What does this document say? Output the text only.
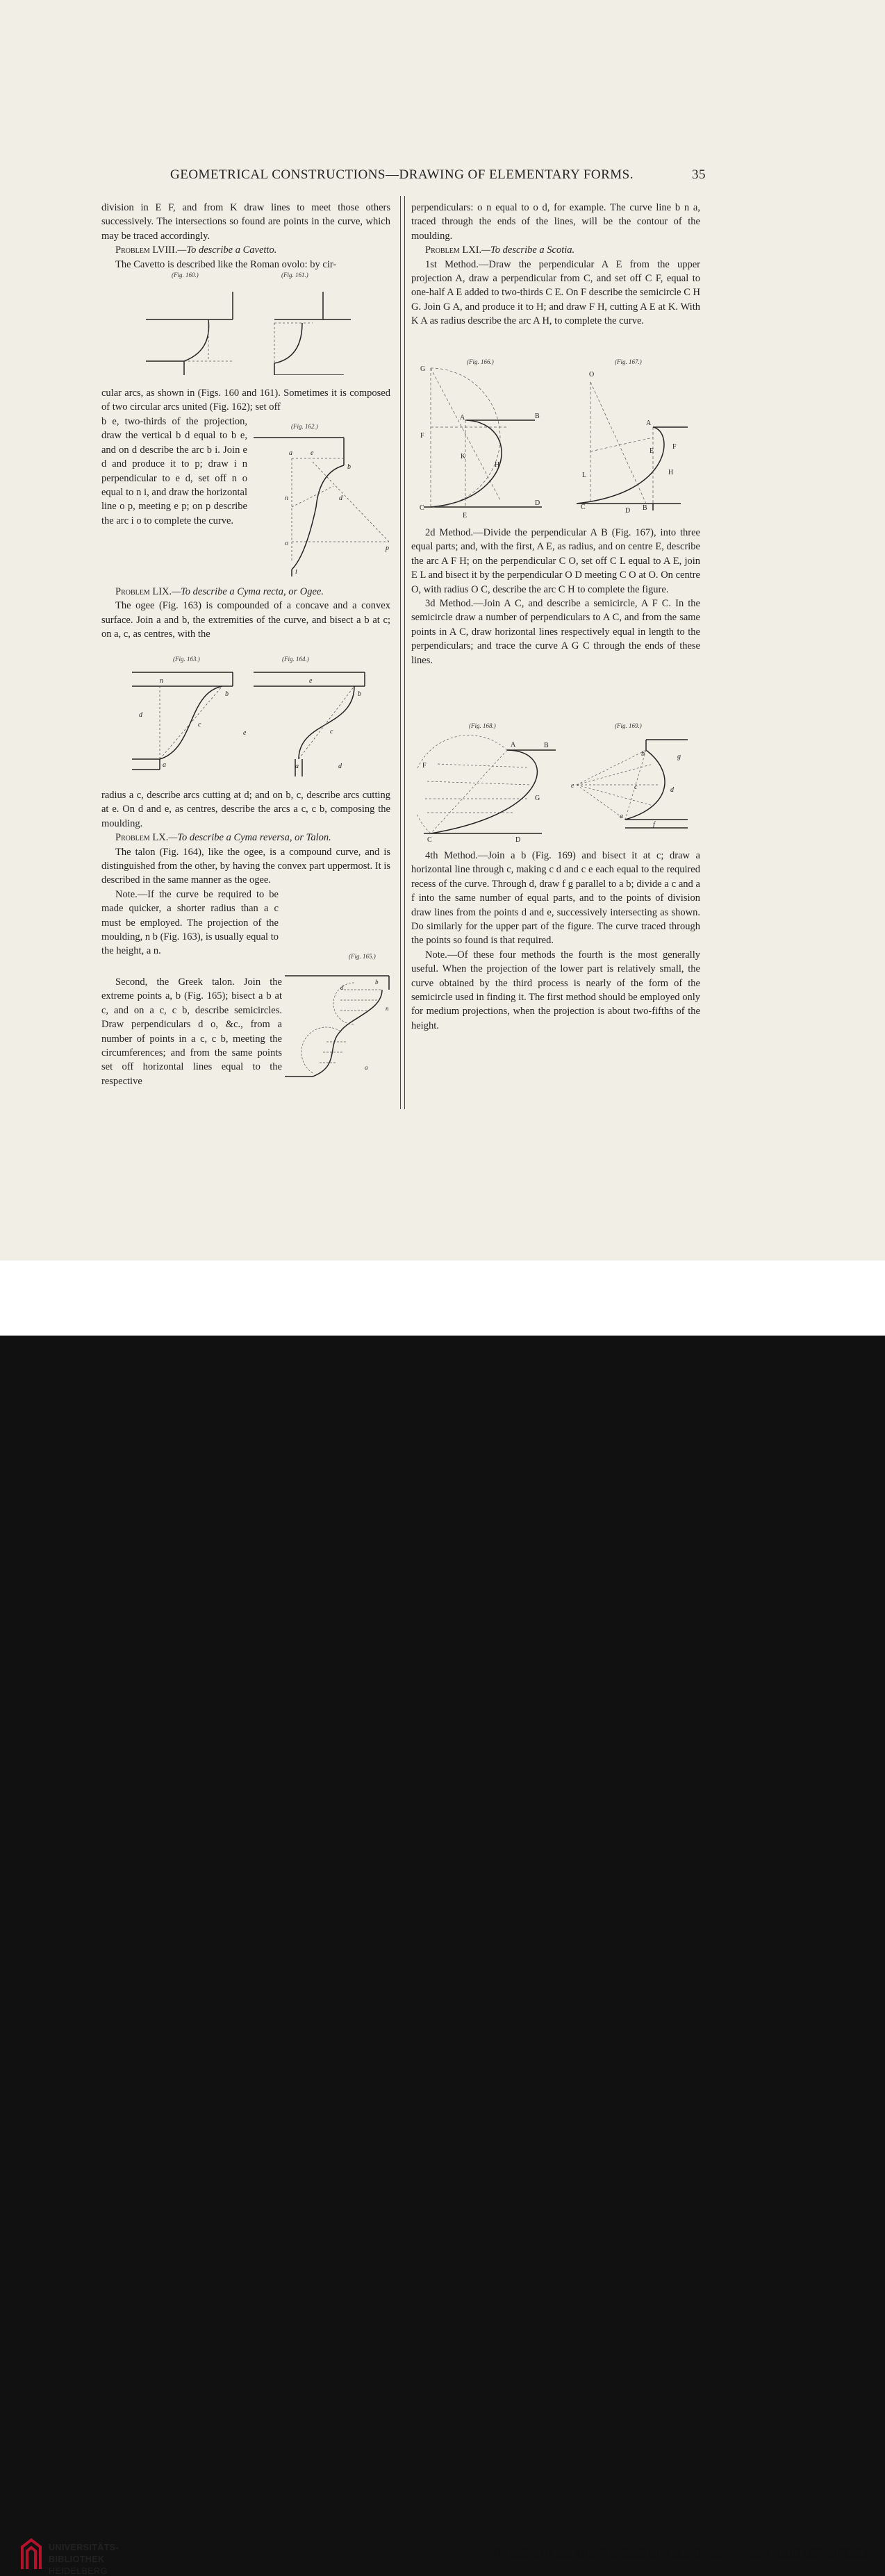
GEOMETRICAL CONSTRUCTIONS—DRAWING OF ELEMENTARY FORMS.	35

division in E F, and from K draw lines to meet those others successively. The intersections so found are points in the curve, which may be traced accordingly.

Problem LVIII.—To describe a Cavetto.

The Cavetto is described like the Roman ovolo: by cir-

(Fig. 160.)	(Fig. 161.)

cular arcs, as shown in (Figs. 160 and 161). Sometimes it is composed of two circular arcs united (Fig. 162); set off

b e, two-thirds of the projection, draw the vertical b d equal to b e, and on d describe the arc b i. Join e d and produce it to p; draw i n perpendicular to e d, set off n o equal to n i, and draw the horizontal line o p, meeting e p; on p describe the arc i o to complete the curve.

(Fig. 162.)
a	e
b
n
o
d
p
i

Problem LIX.—To describe a Cyma recta, or Ogee.

The ogee (Fig. 163) is compounded of a concave and a convex surface. Join a and b, the extremities of the curve, and bisect a b at c; on a, c, as centres, with the

(Fig. 163.)	(Fig. 164.)
n
b
c
d
a
e
b
c
e
a	d

radius a c, describe arcs cutting at d; and on b, c, describe arcs cutting at e. On d and e, as centres, describe the arcs a c, c b, composing the moulding.

Problem LX.—To describe a Cyma reversa, or Talon.

The talon (Fig. 164), like the ogee, is a compound curve, and is distinguished from the other, by having the convex part uppermost. It is described in the same manner as the ogee.

Note.—If the curve be required to be made quicker, a shorter radius than a c must be employed. The projection of the moulding, n b (Fig. 163), is usually equal to the height, a n.	(Fig. 165.)

Second, the Greek talon. Join the extreme points a, b (Fig. 165); bisect a b at c, and on a c, c b, describe semicircles. Draw perpendiculars d o, &c., from a number of points in a c, c b, meeting the circumferences; and from the same points set off horizontal lines equal to the respective

b
d
n
a

perpendiculars: o n equal to o d, for example. The curve line b n a, traced through the ends of the lines, will be the contour of the moulding.

Problem LXI.—To describe a Scotia.

1st Method.—Draw the perpendicular A E from the upper projection A, draw a perpendicular from C, and set off C F, equal to one-half A E added to two-thirds C E. On F describe the semicircle C H G. Join G A, and produce it to H; and draw F H, cutting A E at K. With K A as radius describe the arc A H, to complete the curve.

(Fig. 166.)	(Fig. 167.)
G
A	B
F
K
H
C
D
E
O
A
E
F
H
L
C	D B

2d Method.—Divide the perpendicular A B (Fig. 167), into three equal parts; and, with the first, A E, as radius, and on centre E, describe the arc A F H; on the perpendicular C O, set off C L equal to A E, join E L and bisect it by the perpendicular O D meeting C O at O. On centre O, with radius O C, describe the arc C H to complete the figure.

3d Method.—Join A C, and describe a semicircle, A F C. In the semicircle draw a number of perpendiculars to A C, and from the same points in A C, draw horizontal lines respectively equal in length to the perpendiculars; and trace the curve A G C through the ends of these lines.

(Fig. 168.)	(Fig. 169.)
A	B
F
G
C	D
b	g
e	c	d
a
f

4th Method.—Join a b (Fig. 169) and bisect it at c; draw a horizontal line through c, making c d and c e each equal to the required recess of the curve. Through d, draw f g parallel to a b; divide a c and a f into the same number of equal parts, and to the points of division draw lines from the points d and e, successively intersecting as shown. Do similarly for the upper part of the figure. The curve traced through the points so found is that required.

Note.—Of these four methods the fourth is the most generally useful. When the projection of the lower part is relatively small, the curve obtained by the third process is nearly of the form of the semicircle used in finding it. The first method should be employed only for medium projections, when the projection is about two-fifths of the height.

UNIVERSITÄTS-
BIBLIOTHEK
HEIDELBERG
http://digi.ub.uni-heidelberg.de/diglit/armengaud1855/0051
